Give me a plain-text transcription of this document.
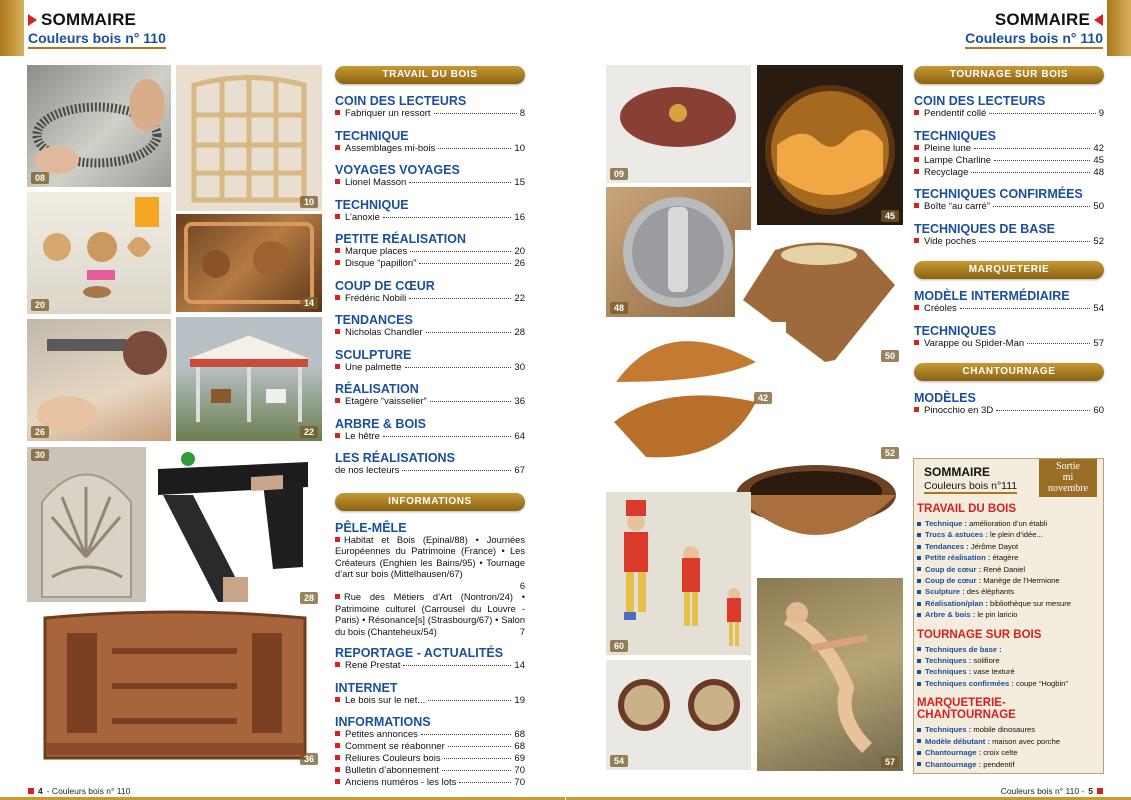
SOMMAIRE
Couleurs bois n° 110
SOMMAIRE
Couleurs bois n° 110
08
10
20	14
26	22
30
28
36
TRAVAIL DU BOIS
COIN DES LECTEURS
Fabriquer un ressort	8
TECHNIQUE
Assemblages mi-bois	10
VOYAGES VOYAGES
Lionel Masson	15
TECHNIQUE
L’anoxie	16
PETITE RÉALISATION
Marque places	20
Disque “papillon”	26
COUP DE CŒUR
Frédéric Nobili	22
TENDANCES
Nicholas Chandler	28
SCULPTURE
Une palmette	30
RÉALISATION
Etagère “vaisselier”	36
ARBRE & BOIS
Le hêtre	64
LES RÉALISATIONS
de nos lecteurs	67
INFORMATIONS
PÊLE-MÊLE
Habitat et Bois (Epinal/88) • Journées Européennes du Patrimoine (France) • Les Créateurs (Enghien les Bains/95) • Tournage d’art sur bois (Mittelhausen/67)
6
Rue des Métiers d’Art (Nontron/24) • Patrimoine culturel (Carrousel du Louvre - Paris) • Résonance[s] (Strasbourg/67) • Salon du bois (Chanteheux/54)	7
REPORTAGE - ACTUALITÉS
René Prestat	14
INTERNET
Le bois sur le net...	19
INFORMATIONS
Petites annonces	68
Comment se réabonner	68
Reliures Couleurs bois	69
Bulletin d’abonnement	70
Anciens numéros - les lots	70
09
45
48
50
42
52
60
54	57
TOURNAGE SUR BOIS
COIN DES LECTEURS
Pendentif collé	9
TECHNIQUES
Pleine lune	42
Lampe Charline	45
Recyclage	48
TECHNIQUES CONFIRMÉES
Boîte “au carré”	50
TECHNIQUES DE BASE
Vide poches	52
MARQUETERIE
MODÈLE INTERMÉDIAIRE
Créoles	54
TECHNIQUES
Varappe ou Spider-Man	57
CHANTOURNAGE
MODÈLES
Pinocchio en 3D	60
SOMMAIRE
Couleurs bois n°111
Sortie
mi
novembre
TRAVAIL DU BOIS
Technique : amélioration d’un établi
Trucs & astuces : le plein d’idée...
Tendances : Jérôme Dayot
Petite réalisation : étagère
Coup de cœur : René Daniel
Coup de cœur : Manège de l’Hermione
Sculpture : des éléphants
Réalisation/plan : bibliothèque sur mesure
Arbre & bois : le pin laricio
TOURNAGE SUR BOIS
Techniques de base :
Techniques : solifiore
Techniques : vase texturé
Techniques confirmées : coupe “Hogbin”
MARQUETERIE-CHANTOURNAGE
Techniques : mobile dinosaures
Modèle débutant : maison avec porche
Chantournage : croix celte
Chantournage : pendentif
4 - Couleurs bois n° 110	Couleurs bois n° 110 - 5
